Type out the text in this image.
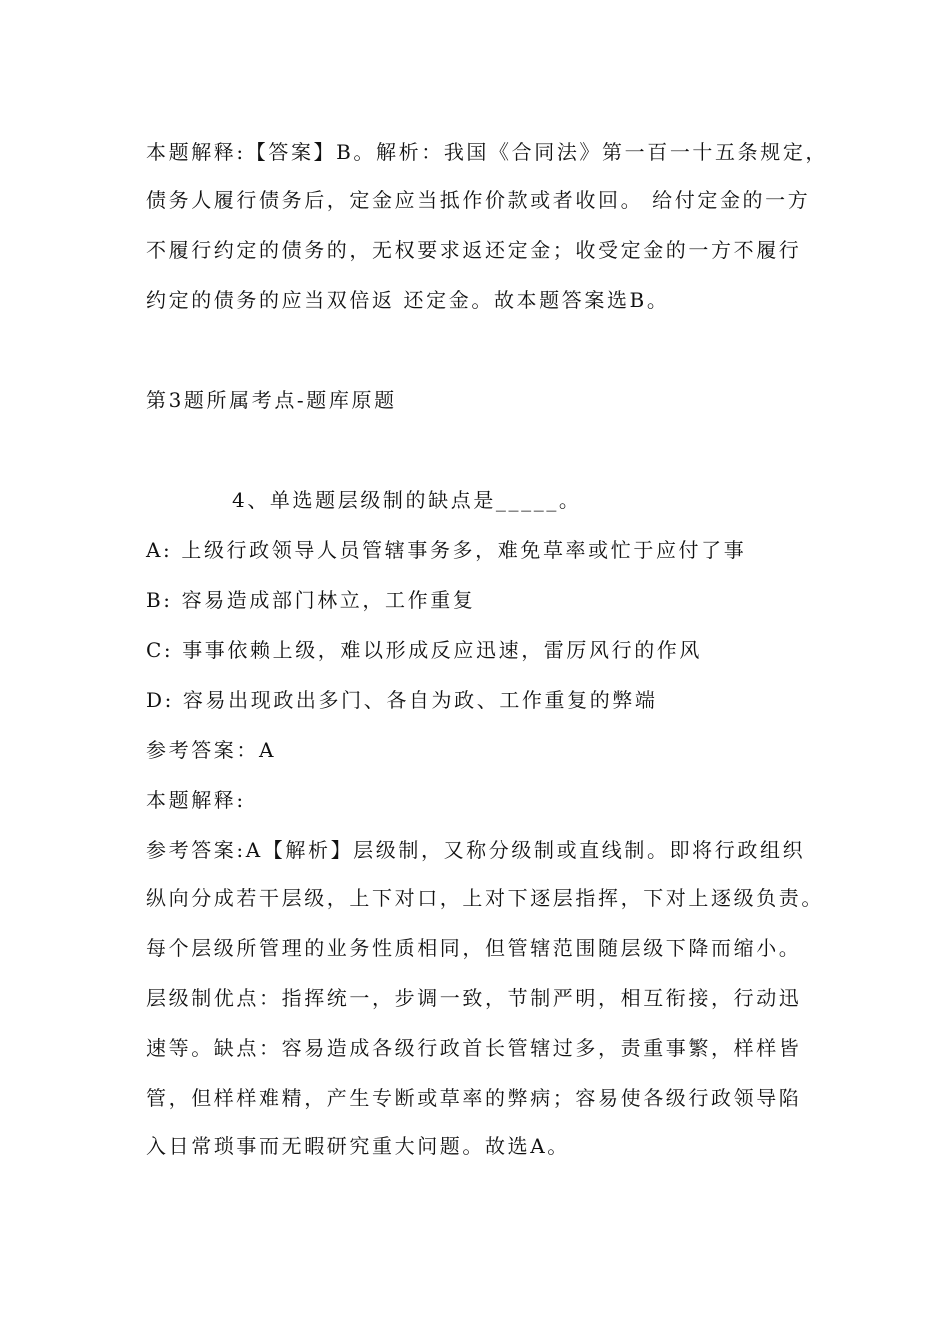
本题解释:【答案】B。解析：我国《合同法》第一百一十五条规定，
债务人履行债务后，定金应当抵作价款或者收回。 给付定金的一方
不履行约定的债务的，无权要求返还定金；收受定金的一方不履行
约定的债务的应当双倍返 还定金。故本题答案选B。
第3题所属考点-题库原题
4、单选题层级制的缺点是_____。
A: 上级行政领导人员管辖事务多，难免草率或忙于应付了事
B: 容易造成部门林立，工作重复
C: 事事依赖上级，难以形成反应迅速，雷厉风行的作风
D: 容易出现政出多门、各自为政、工作重复的弊端
参考答案：A
本题解释:
参考答案:A【解析】层级制，又称分级制或直线制。即将行政组织
纵向分成若干层级，上下对口，上对下逐层指挥，下对上逐级负责。
每个层级所管理的业务性质相同，但管辖范围随层级下降而缩小。
层级制优点：指挥统一，步调一致，节制严明，相互衔接，行动迅
速等。缺点：容易造成各级行政首长管辖过多，责重事繁，样样皆
管，但样样难精，产生专断或草率的弊病；容易使各级行政领导陷
入日常琐事而无暇研究重大问题。故选A。
